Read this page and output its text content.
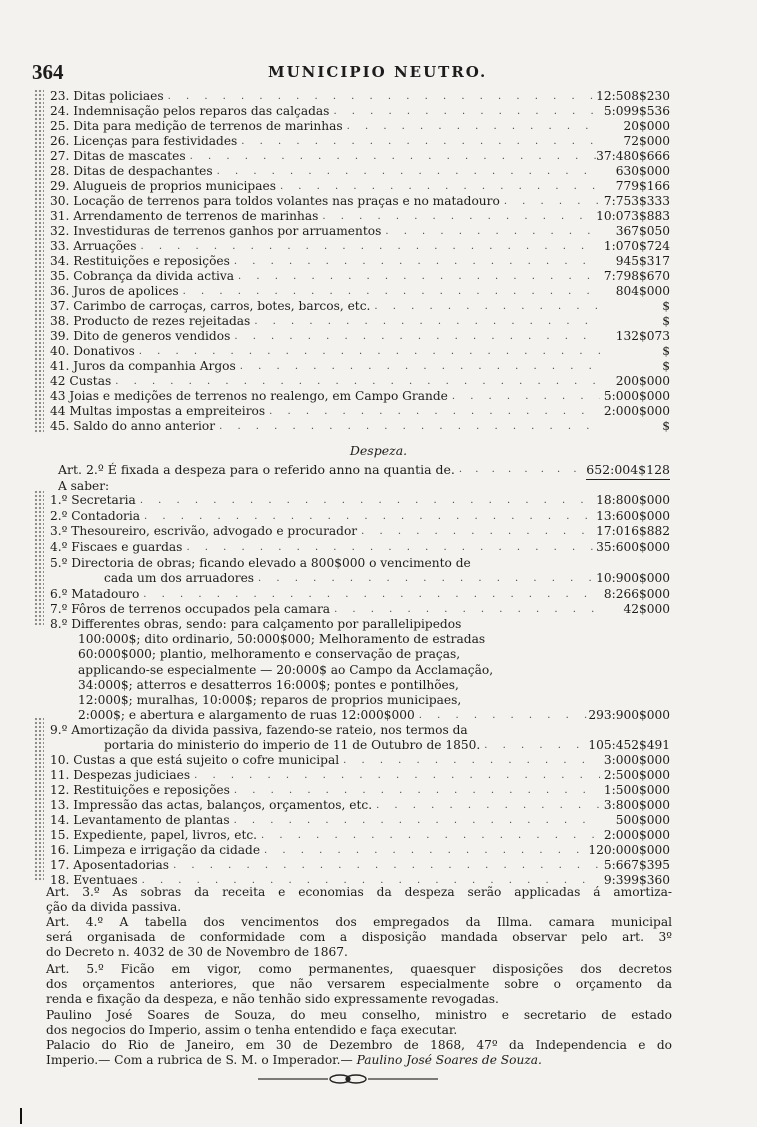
364	MUNICIPIO NEUTRO.
23. Ditas policiaes . . .	12:508$230
24. Indemnisação pelos reparos das calçadas . . .	5:099$536
25. Dita para medição de terrenos de marinhas . . .	20$000
26. Licenças para festividades . . .	72$000
27. Ditas de mascates . . .	37:480$666
28. Ditas de despachantes . . .	630$000
29. Alugueis de proprios municipaes . . .	779$166
30. Locação de terrenos para toldos volantes nas praças e no matadouro . . .	7:753$333
31. Arrendamento de terrenos de marinhas . . .	10:073$883
32. Investiduras de terrenos ganhos por arruamentos . . .	367$050
33. Arruações . . .	1:070$724
34. Restituições e reposições . . .	945$317
35. Cobrança da divida activa . . .	7:798$670
36. Juros de apolices . . .	804$000
37. Carimbo de carroças, carros, botes, barcos, etc. . . .	$
38. Producto de rezes rejeitadas . . .	$
39. Dito de generos vendidos . . .	132$073
40. Donativos . . .	$
41. Juros da companhia Argos . . .	$
42 Custas . . .	200$000
43 Joias e medições de terrenos no realengo, em Campo Grande . . .	5:000$000
44 Multas impostas a empreiteiros . . .	2:000$000
45. Saldo do anno anterior . . .	$
Despeza.
Art. 2.º É fixada a despeza para o referido anno na quantia de. . . .	652:004$128
A saber:
1.º Secretaria . . .	18:800$000
2.º Contadoria . . .	13:600$000
3.º Thesoureiro, escrivão, advogado e procurador . . .	17:016$882
4.º Fiscaes e guardas . . .	35:600$000
5.º Directoria de obras; ficando elevado a 800$000 o vencimento de
cada um dos arruadores . . .	10:900$000
6.º Matadouro . . .	8:266$000
7.º Fôros de terrenos occupados pela camara . . .	42$000
8.º Differentes obras, sendo: para calçamento por parallelipipedos
100:000$; dito ordinario, 50:000$000; Melhoramento de estradas
60:000$000; plantio, melhoramento e conservação de praças,
applicando-se especialmente — 20:000$ ao Campo da Acclamação,
34:000$; atterros e desatterros 16:000$; pontes e pontilhões,
12:000$; muralhas, 10:000$; reparos de proprios municipaes,
2:000$; e abertura e alargamento de ruas 12:000$000 . . .	293:900$000
9.º Amortização da divida passiva, fazendo-se rateio, nos termos da
portaria do ministerio do imperio de 11 de Outubro de 1850. . . .	105:452$491
10. Custas a que está sujeito o cofre municipal . . .	3:000$000
11. Despezas judiciaes . . .	2:500$000
12. Restituições e reposições . . .	1:500$000
13. Impressão das actas, balanços, orçamentos, etc. . . .	3:800$000
14. Levantamento de plantas . . .	500$000
15. Expediente, papel, livros, etc. . . .	2:000$000
16. Limpeza e irrigação da cidade . . .	120:000$000
17. Aposentadorias . . .	5:667$395
18. Eventuaes . . .	9:399$360
Art. 3.º As sobras da receita e economias da despeza serão applicadas á amortiza-
ção da divida passiva.
Art. 4.º A tabella dos vencimentos dos empregados da Illma. camara municipal
será organisada de conformidade com a disposição mandada observar pelo art. 3º
do Decreto n. 4032 de 30 de Novembro de 1867.
Art. 5.º Ficão em vigor, como permanentes, quaesquer disposições dos decretos
dos orçamentos anteriores, que não versarem especialmente sobre o orçamento da
renda e fixação da despeza, e não tenhão sido expressamente revogadas.
Paulino José Soares de Souza, do meu conselho, ministro e secretario de estado
dos negocios do Imperio, assim o tenha entendido e faça executar.
Palacio do Rio de Janeiro, em 30 de Dezembro de 1868, 47º da Independencia e do
Imperio.— Com a rubrica de S. M. o Imperador.— Paulino José Soares de Souza.
